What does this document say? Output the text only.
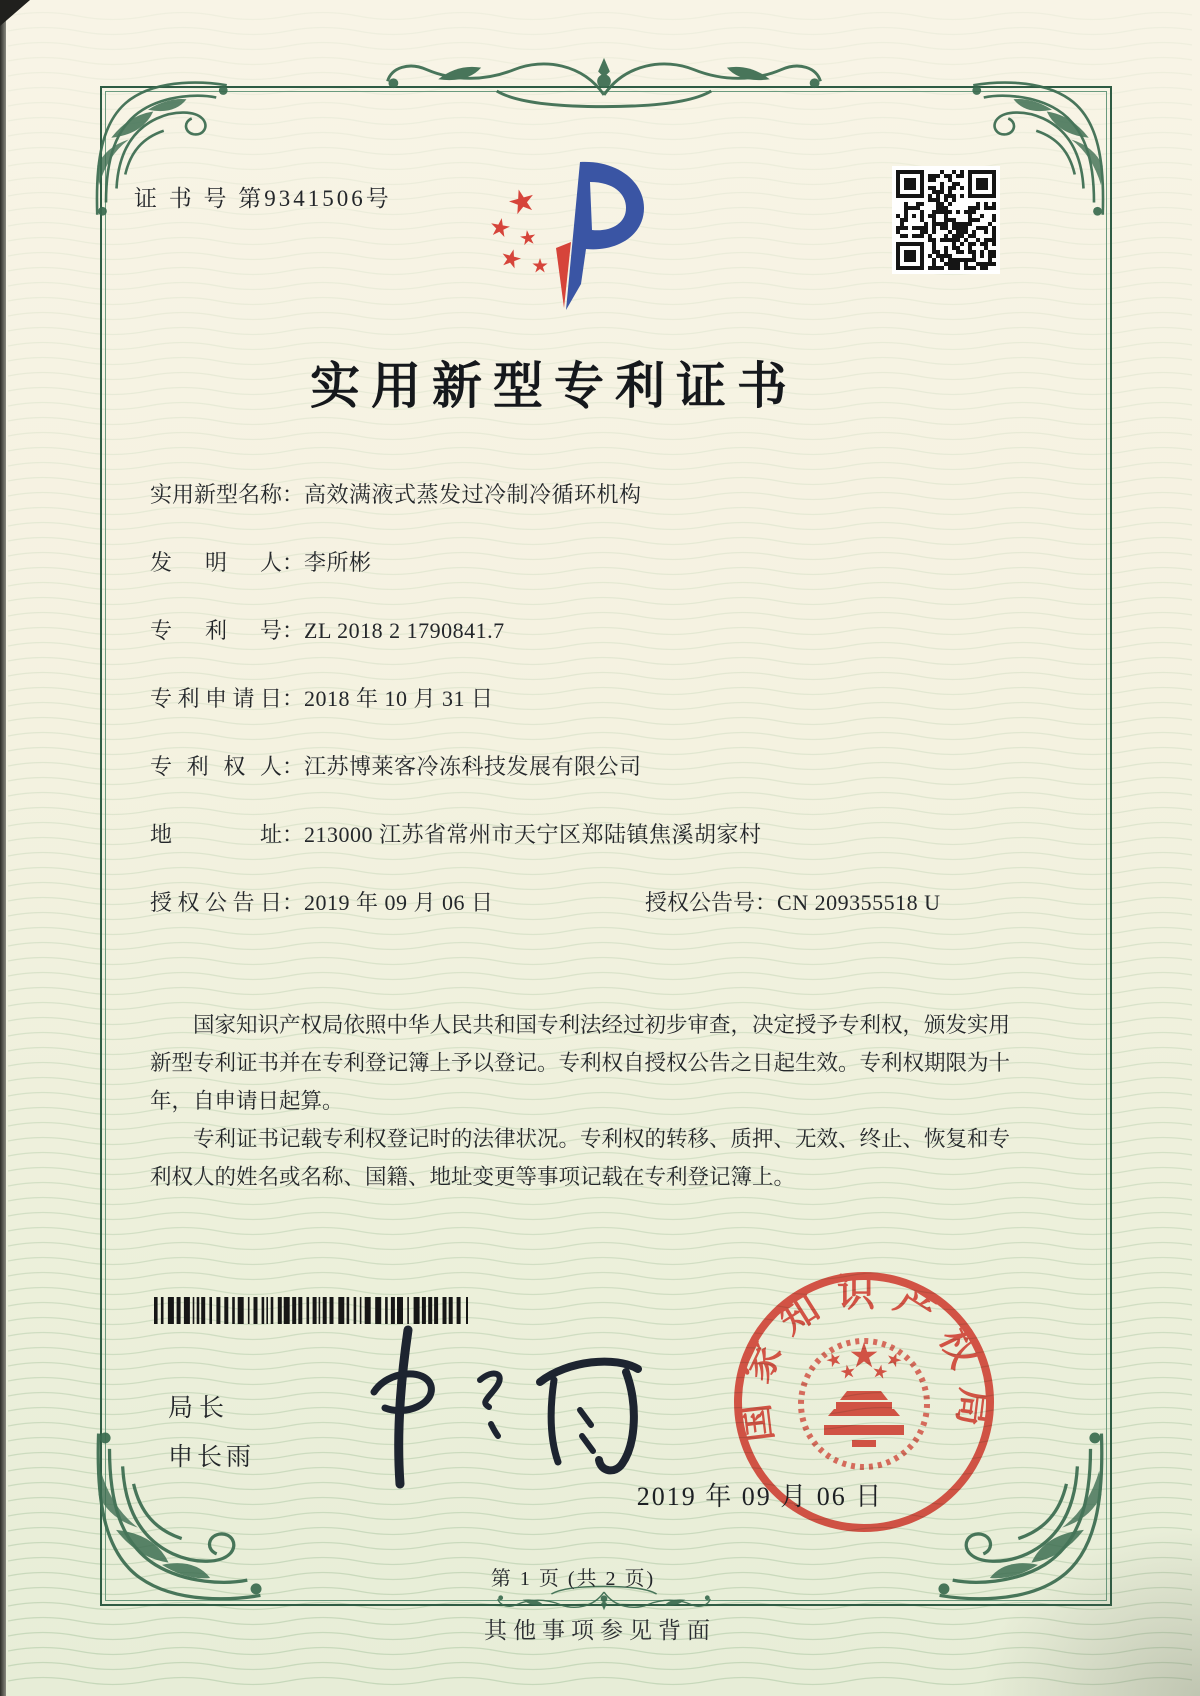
证 书 号 第9341506号
实用新型专利证书
实用新型名称：高效满液式蒸发过冷制冷循环机构
发明人：李所彬
专利号：ZL 2018 2 1790841.7
专利申请日：2018 年 10 月 31 日
专利权人：江苏博莱客冷冻科技发展有限公司
地址：213000 江苏省常州市天宁区郑陆镇焦溪胡家村
授权公告日：2019 年 09 月 06 日	授权公告号：CN 209355518 U

国家知识产权局依照中华人民共和国专利法经过初步审查，决定授予专利权，颁发实用新型专利证书并在专利登记簿上予以登记。专利权自授权公告之日起生效。专利权期限为十年，自申请日起算。

专利证书记载专利权登记时的法律状况。专利权的转移、质押、无效、终止、恢复和专利权人的姓名或名称、国籍、地址变更等事项记载在专利登记簿上。

局长
申长雨
国家知识产权局
2019 年 09 月 06 日
第 1 页 (共 2 页)
其他事项参见背面
